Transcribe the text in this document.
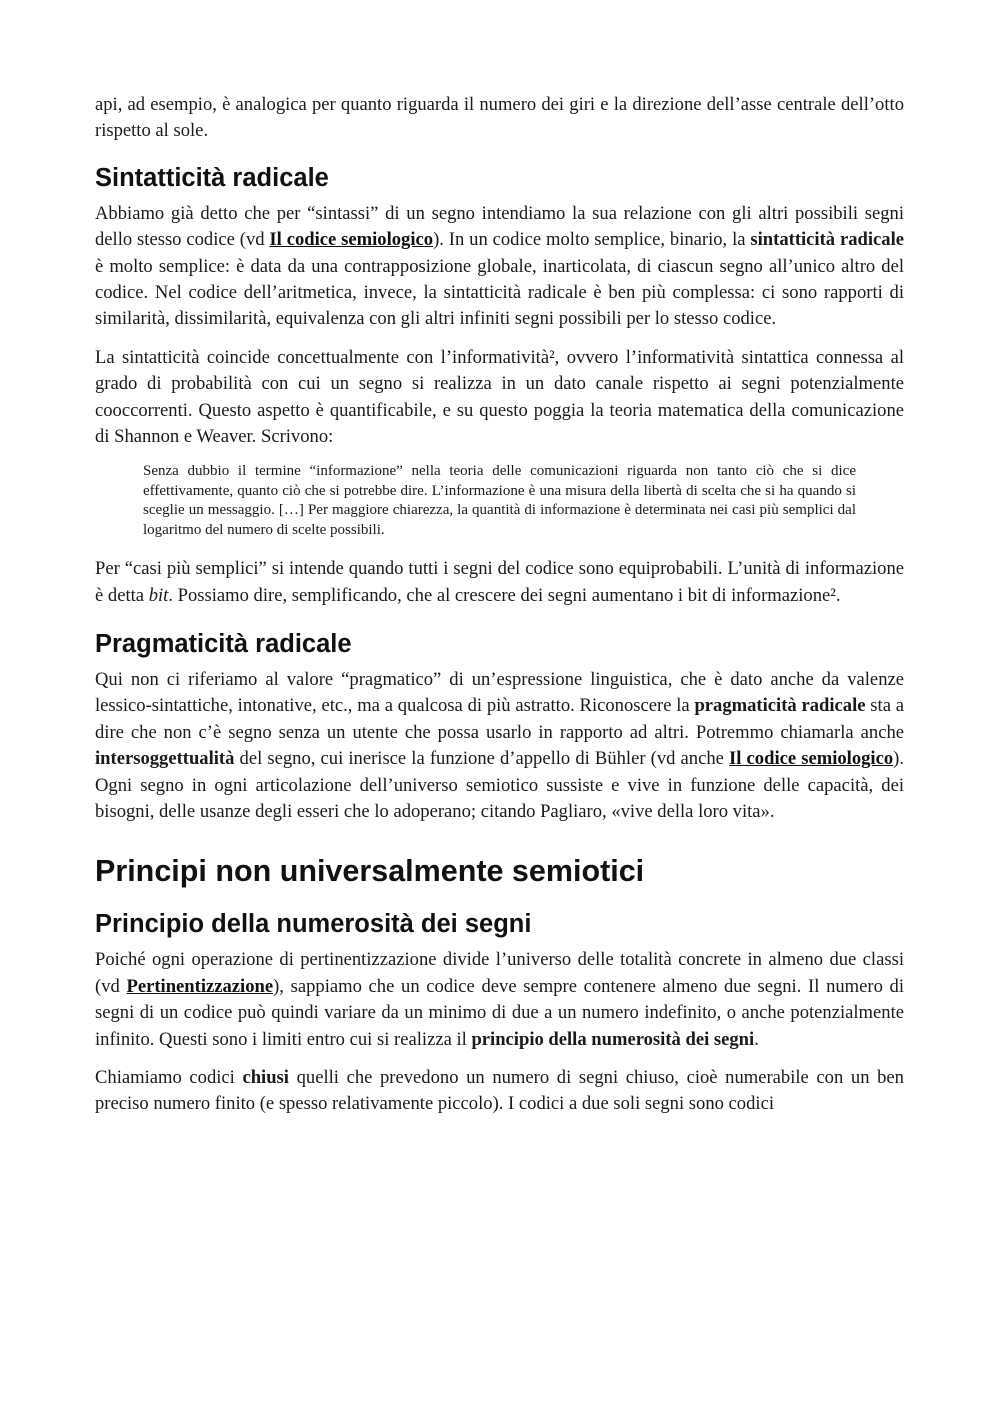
api, ad esempio, è analogica per quanto riguarda il numero dei giri e la direzione dell’asse centrale dell’otto rispetto al sole.

Sintatticità radicale

Abbiamo già detto che per “sintassi” di un segno intendiamo la sua relazione con gli altri possibili segni dello stesso codice (vd Il codice semiologico). In un codice molto semplice, binario, la sintatticità radicale è molto semplice: è data da una contrapposizione globale, inarticolata, di ciascun segno all’unico altro del codice. Nel codice dell’aritmetica, invece, la sintatticità radicale è ben più complessa: ci sono rapporti di similarità, dissimilarità, equivalenza con gli altri infiniti segni possibili per lo stesso codice.

La sintatticità coincide concettualmente con l’informatività², ovvero l’informatività sintattica connessa al grado di probabilità con cui un segno si realizza in un dato canale rispetto ai segni potenzialmente cooccorrenti. Questo aspetto è quantificabile, e su questo poggia la teoria matematica della comunicazione di Shannon e Weaver. Scrivono:

Senza dubbio il termine “informazione” nella teoria delle comunicazioni riguarda non tanto ciò che si dice effettivamente, quanto ciò che si potrebbe dire. L’informazione è una misura della libertà di scelta che si ha quando si sceglie un messaggio. […] Per maggiore chiarezza, la quantità di informazione è determinata nei casi più semplici dal logaritmo del numero di scelte possibili.

Per “casi più semplici” si intende quando tutti i segni del codice sono equiprobabili. L’unità di informazione è detta bit. Possiamo dire, semplificando, che al crescere dei segni aumentano i bit di informazione².

Pragmaticità radicale

Qui non ci riferiamo al valore “pragmatico” di un’espressione linguistica, che è dato anche da valenze lessico-sintattiche, intonative, etc., ma a qualcosa di più astratto. Riconoscere la pragmaticità radicale sta a dire che non c’è segno senza un utente che possa usarlo in rapporto ad altri. Potremmo chiamarla anche intersoggettualità del segno, cui inerisce la funzione d’appello di Bühler (vd anche Il codice semiologico). Ogni segno in ogni articolazione dell’universo semiotico sussiste e vive in funzione delle capacità, dei bisogni, delle usanze degli esseri che lo adoperano; citando Pagliaro, «vive della loro vita».

Principi non universalmente semiotici
Principio della numerosità dei segni

Poiché ogni operazione di pertinentizzazione divide l’universo delle totalità concrete in almeno due classi (vd Pertinentizzazione), sappiamo che un codice deve sempre contenere almeno due segni. Il numero di segni di un codice può quindi variare da un minimo di due a un numero indefinito, o anche potenzialmente infinito. Questi sono i limiti entro cui si realizza il principio della numerosità dei segni.

Chiamiamo codici chiusi quelli che prevedono un numero di segni chiuso, cioè numerabile con un ben preciso numero finito (e spesso relativamente piccolo). I codici a due soli segni sono codici
